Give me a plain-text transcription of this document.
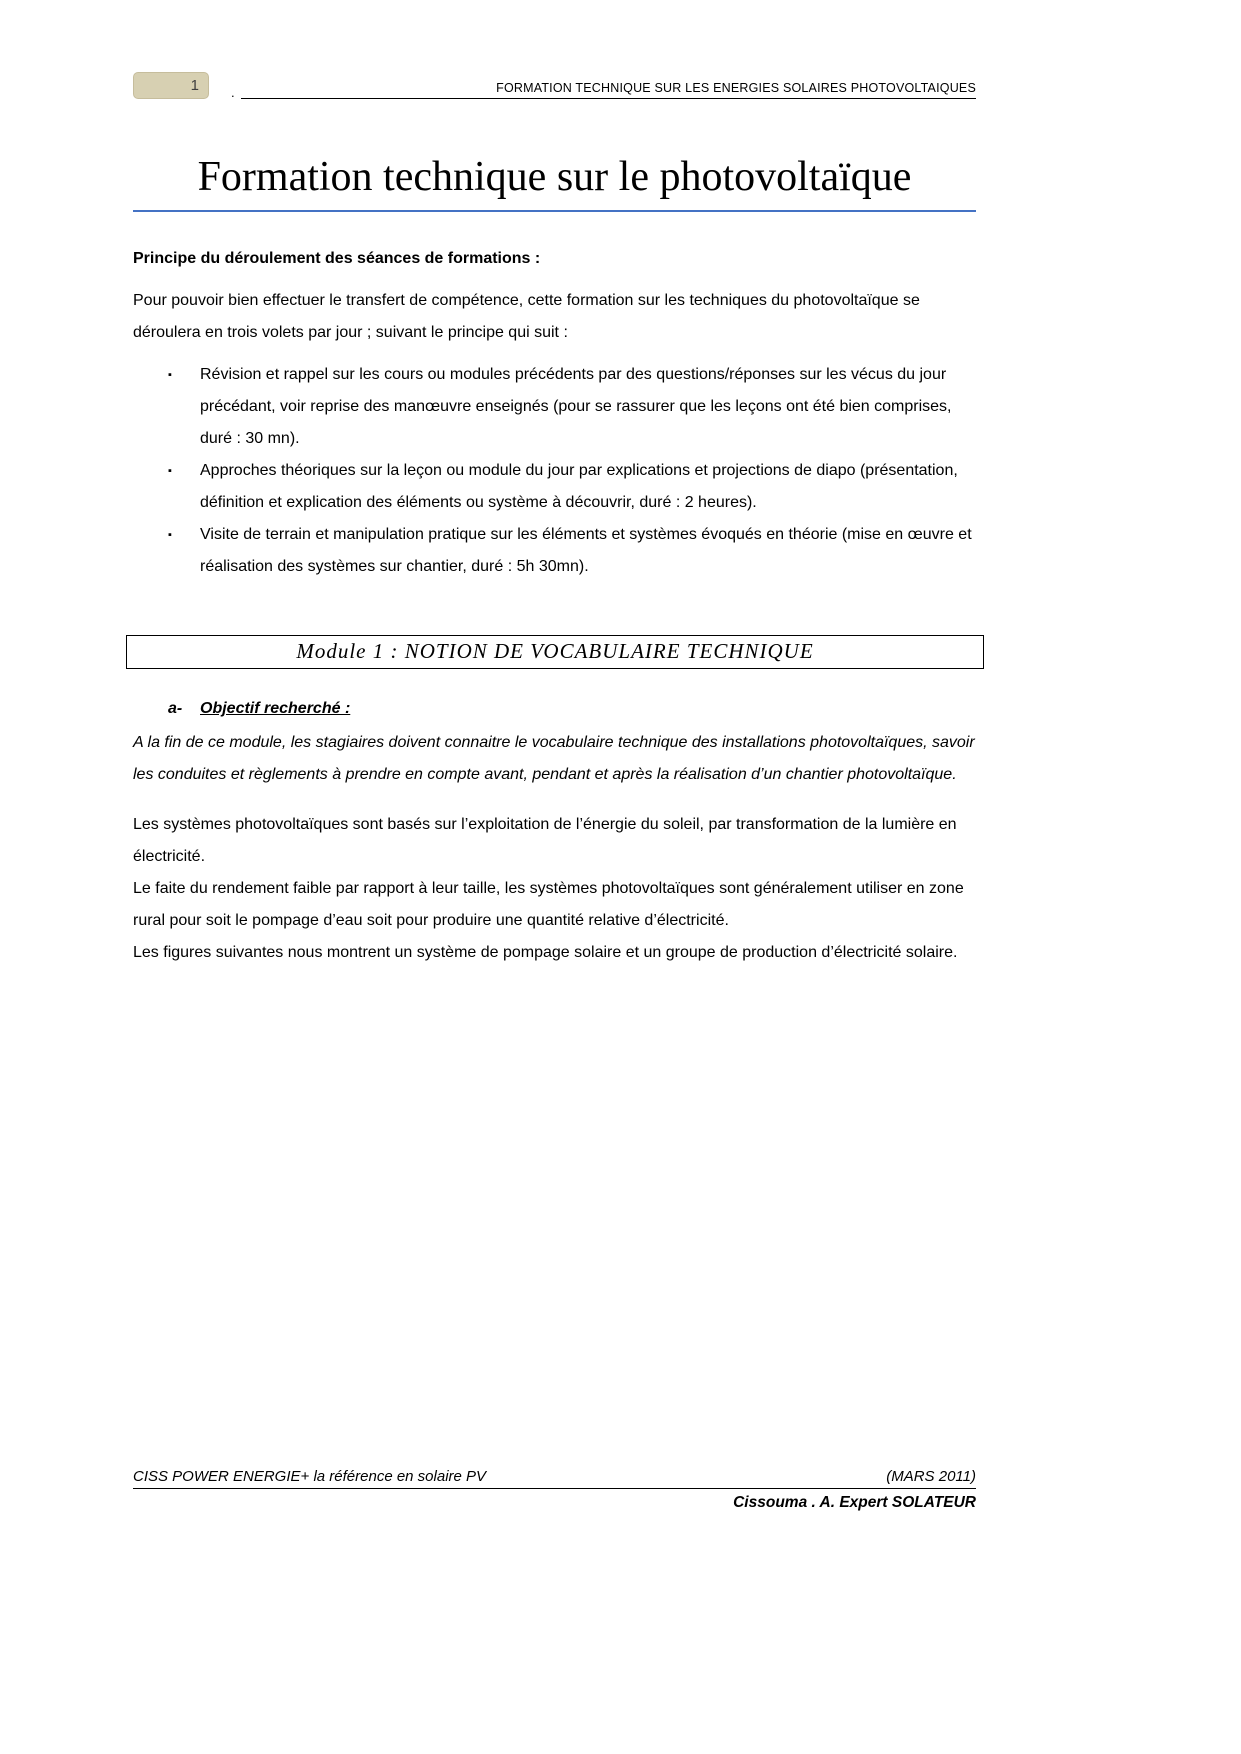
1 .	FORMATION TECHNIQUE SUR LES ENERGIES SOLAIRES PHOTOVOLTAIQUES
Formation technique sur le photovoltaïque

Principe du déroulement des séances de formations :

Pour pouvoir bien effectuer le transfert de compétence, cette formation sur les techniques du photovoltaïque se déroulera en trois volets par jour ; suivant le principe qui suit :

▪	Révision et rappel sur les cours ou modules précédents par des questions/réponses sur les vécus du jour précédant, voir reprise des manœuvre enseignés (pour se rassurer que les leçons ont été bien comprises, duré : 30 mn).
▪	Approches théoriques sur la leçon ou module du jour par explications et projections de diapo (présentation, définition et explication des éléments ou système à découvrir, duré : 2 heures).
▪	Visite de terrain et manipulation pratique sur les éléments et systèmes évoqués en théorie (mise en œuvre et réalisation des systèmes sur chantier, duré : 5h 30mn).
Module 1 : NOTION DE VOCABULAIRE TECHNIQUE

a- Objectif recherché :

A la fin de ce module, les stagiaires doivent connaitre le vocabulaire technique des installations photovoltaïques, savoir les conduites et règlements à prendre en compte avant, pendant et après la réalisation d’un chantier photovoltaïque.

Les systèmes photovoltaïques sont basés sur l’exploitation de l’énergie du soleil, par transformation de la lumière en électricité.

Le faite du rendement faible par rapport à leur taille, les systèmes photovoltaïques sont généralement utiliser en zone rural pour soit le pompage d’eau soit pour produire une quantité relative d’électricité.

Les figures suivantes nous montrent un système de pompage solaire et un groupe de production d’électricité solaire.

CISS POWER ENERGIE+ la référence en solaire PV	(MARS 2011)
Cissouma . A. Expert SOLATEUR
